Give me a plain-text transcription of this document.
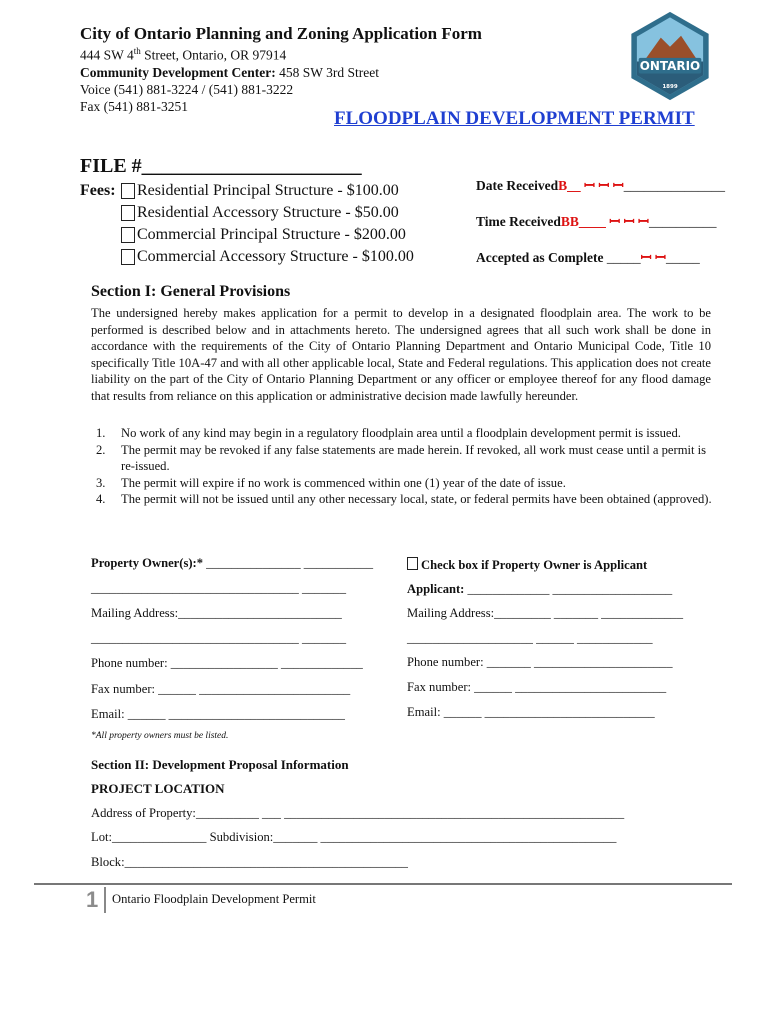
City of Ontario Planning and Zoning Application Form
444 SW 4th Street, Ontario, OR 97914
Community Development Center: 458 SW 3rd Street
Voice (541) 881-3224 / (541) 881-3222
Fax (541) 881-3251
ONTARIO
1899
FLOODPLAIN DEVELOPMENT PERMIT
FILE #______________________
Fees: Residential Principal Structure - $100.00
Residential Accessory Structure - $50.00
Commercial Principal Structure - $200.00
Commercial Accessory Structure - $100.00
Date ReceivedB__ ꟷ ꟷ ꟷ_______________
Time ReceivedBB____ ꟷ ꟷ ꟷ__________
Accepted as Complete _____ꟷ ꟷ_____
Section I: General Provisions

The undersigned hereby makes application for a permit to develop in a designated floodplain area. The work to be performed is described below and in attachments hereto. The undersigned agrees that all such work shall be done in accordance with the requirements of the City of Ontario Planning Department and Ontario Municipal Code, Title 10 specifically Title 10A-47 and with all other applicable local, State and Federal regulations. This application does not create liability on the part of the City of Ontario Planning Department or any officer or employee thereof for any flood damage that results from reliance on this application or administrative decision made lawfully hereunder.

1. No work of any kind may begin in a regulatory floodplain area until a floodplain development permit is issued.
2. The permit may be revoked if any false statements are made herein. If revoked, all work must cease until a permit is re-issued.
3. The permit will expire if no work is commenced within one (1) year of the date of issue.
4. The permit will not be issued until any other necessary local, state, or federal permits have been obtained (approved).
Property Owner(s):* _______________ ___________
_________________________________ _______
Mailing Address:__________________________
_________________________________ _______
Phone number: _________________ _____________
Fax number: ______ ________________________
Email: ______ ____________________________
Check box if Property Owner is Applicant
Applicant: _____________ ___________________
Mailing Address:_________ _______ _____________
____________________ ______ ____________
Phone number: _______ ______________________
Fax number: ______ ________________________
Email: ______ ___________________________
*All property owners must be listed.
Section II: Development Proposal Information
PROJECT LOCATION
Address of Property:__________ ___ ______________________________________________________
Lot:_______________ Subdivision:_______ _______________________________________________
Block:_____________________________________________
1 Ontario Floodplain Development Permit
